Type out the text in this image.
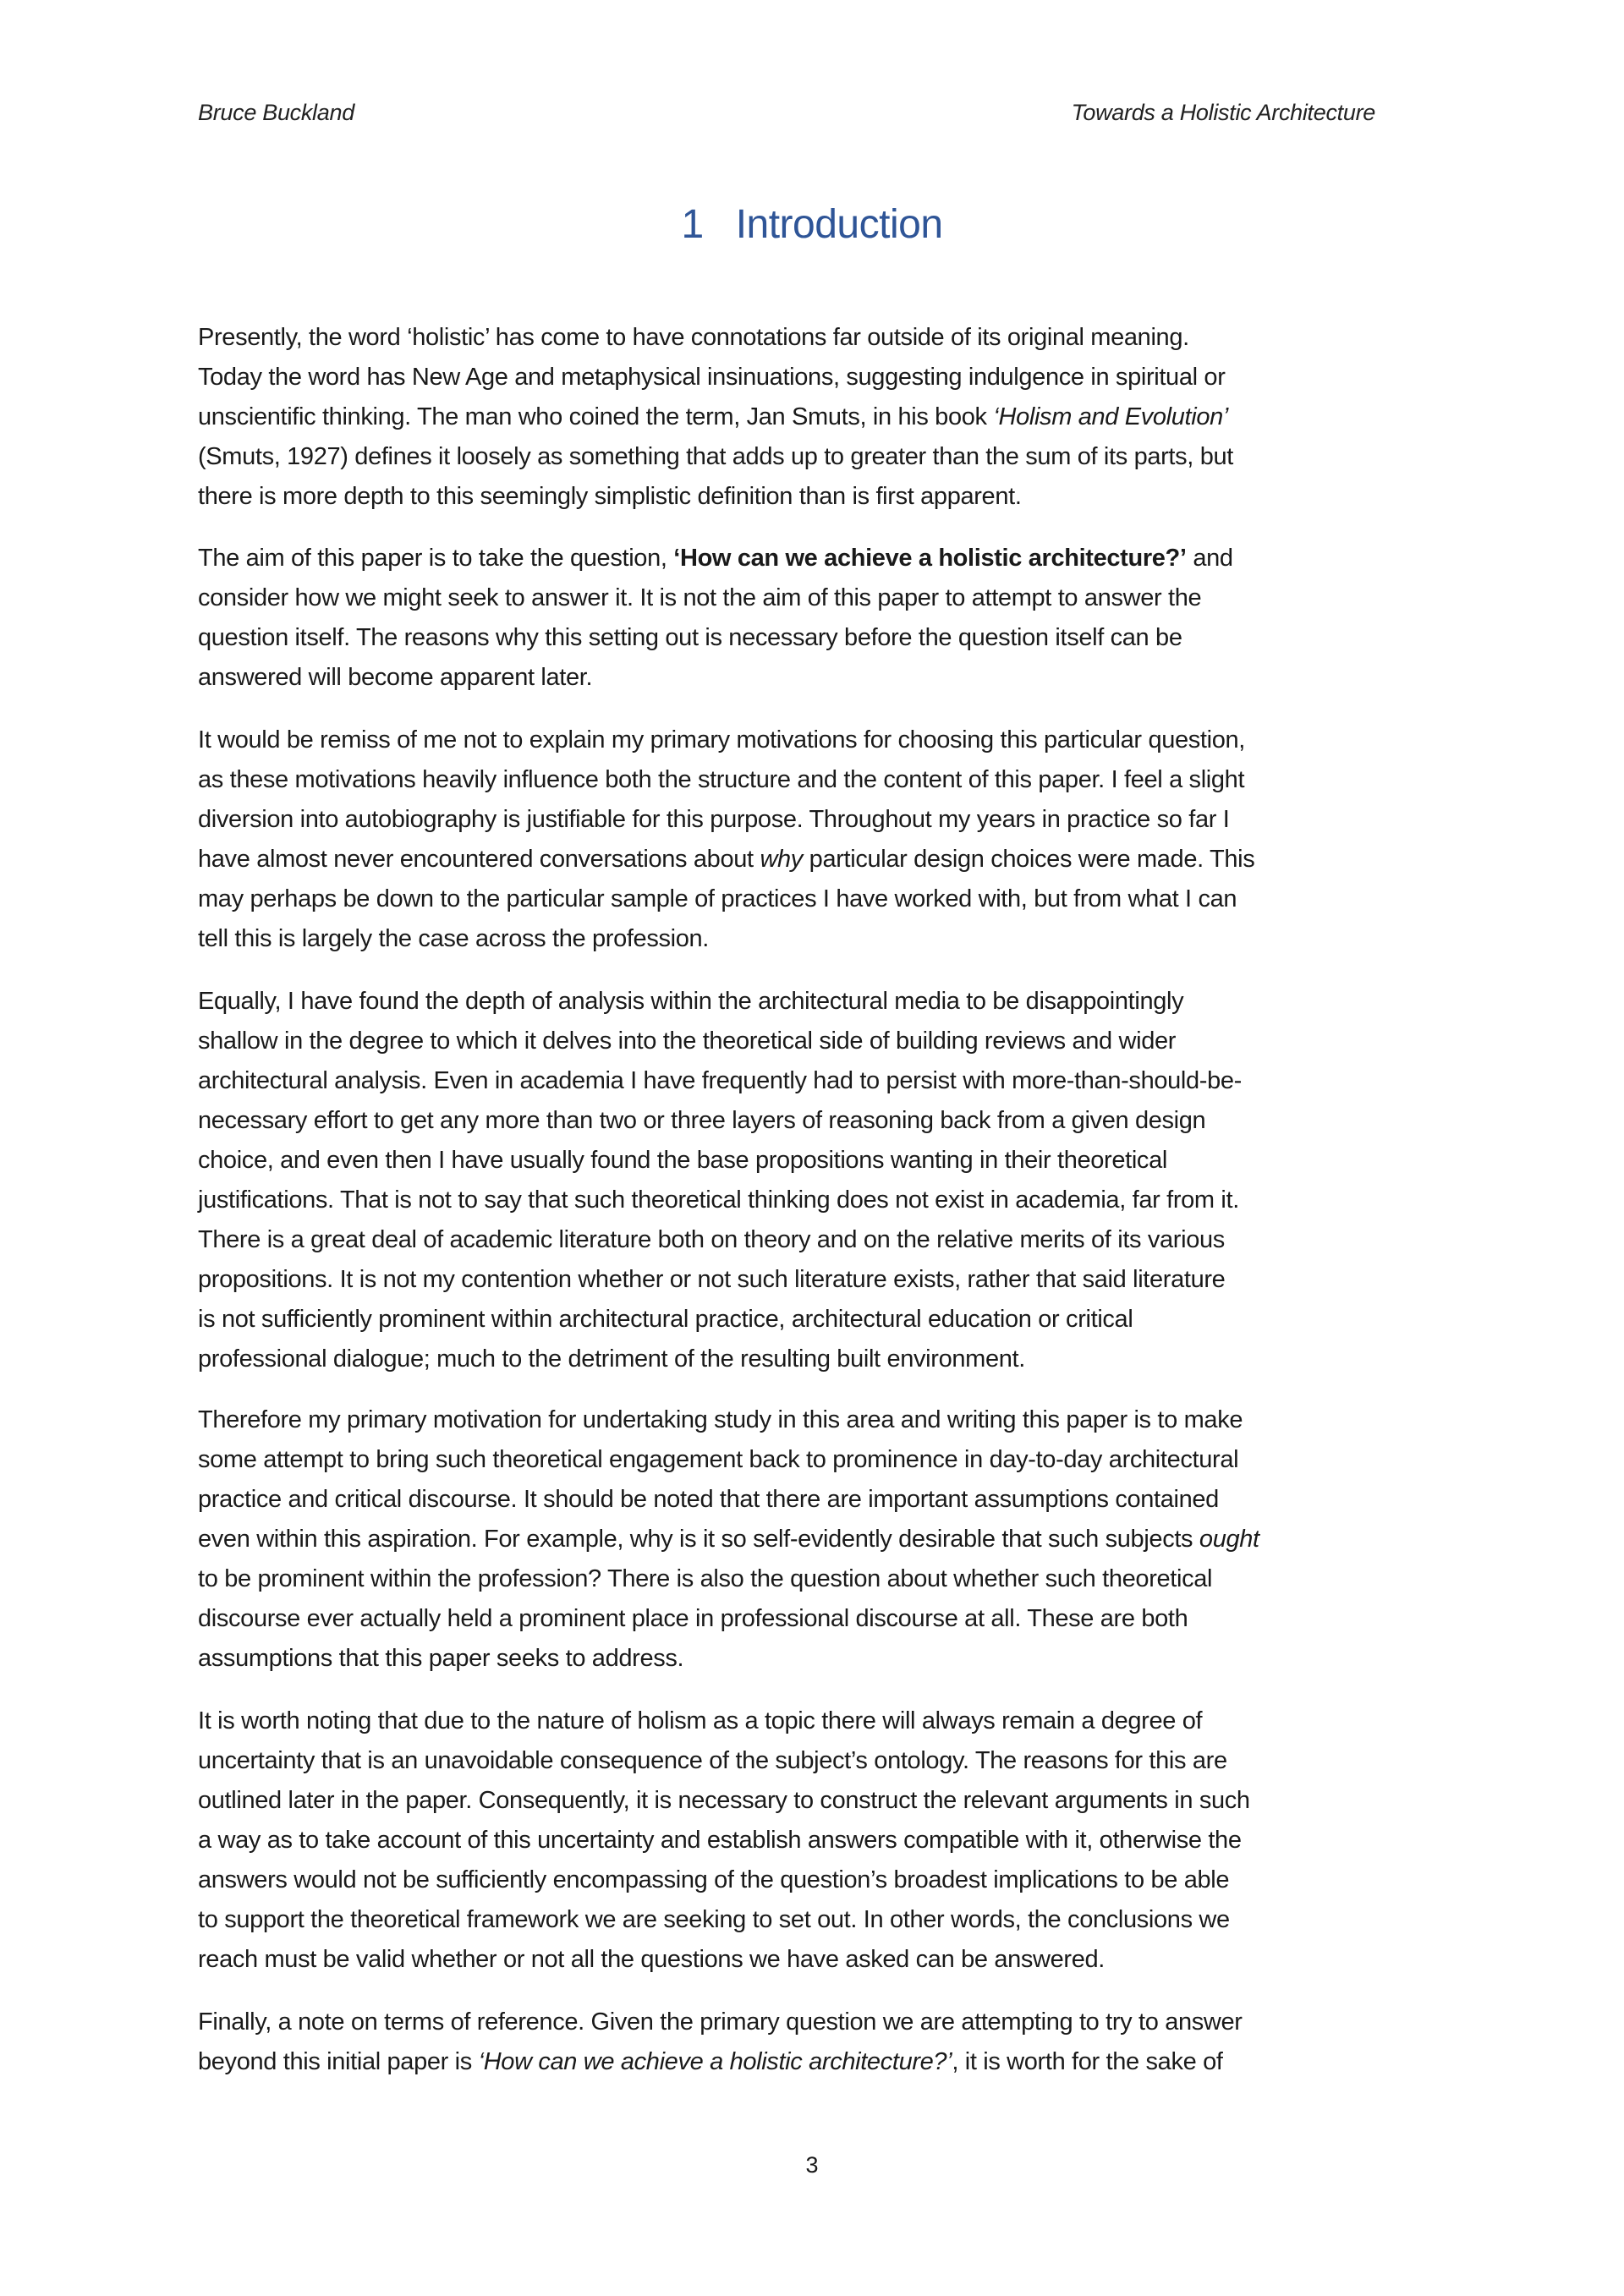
Bruce Buckland	Towards a Holistic Architecture
1 Introduction
Presently, the word ‘holistic’ has come to have connotations far outside of its original meaning.
Today the word has New Age and metaphysical insinuations, suggesting indulgence in spiritual or
unscientific thinking. The man who coined the term, Jan Smuts, in his book ‘Holism and Evolution’
(Smuts, 1927) defines it loosely as something that adds up to greater than the sum of its parts, but
there is more depth to this seemingly simplistic definition than is first apparent.
The aim of this paper is to take the question, ‘How can we achieve a holistic architecture?’ and
consider how we might seek to answer it. It is not the aim of this paper to attempt to answer the
question itself. The reasons why this setting out is necessary before the question itself can be
answered will become apparent later.
It would be remiss of me not to explain my primary motivations for choosing this particular question,
as these motivations heavily influence both the structure and the content of this paper. I feel a slight
diversion into autobiography is justifiable for this purpose. Throughout my years in practice so far I
have almost never encountered conversations about why particular design choices were made. This
may perhaps be down to the particular sample of practices I have worked with, but from what I can
tell this is largely the case across the profession.
Equally, I have found the depth of analysis within the architectural media to be disappointingly
shallow in the degree to which it delves into the theoretical side of building reviews and wider
architectural analysis. Even in academia I have frequently had to persist with more-than-should-be-
necessary effort to get any more than two or three layers of reasoning back from a given design
choice, and even then I have usually found the base propositions wanting in their theoretical
justifications. That is not to say that such theoretical thinking does not exist in academia, far from it.
There is a great deal of academic literature both on theory and on the relative merits of its various
propositions. It is not my contention whether or not such literature exists, rather that said literature
is not sufficiently prominent within architectural practice, architectural education or critical
professional dialogue; much to the detriment of the resulting built environment.
Therefore my primary motivation for undertaking study in this area and writing this paper is to make
some attempt to bring such theoretical engagement back to prominence in day-to-day architectural
practice and critical discourse. It should be noted that there are important assumptions contained
even within this aspiration. For example, why is it so self-evidently desirable that such subjects ought
to be prominent within the profession? There is also the question about whether such theoretical
discourse ever actually held a prominent place in professional discourse at all. These are both
assumptions that this paper seeks to address.
It is worth noting that due to the nature of holism as a topic there will always remain a degree of
uncertainty that is an unavoidable consequence of the subject’s ontology. The reasons for this are
outlined later in the paper. Consequently, it is necessary to construct the relevant arguments in such
a way as to take account of this uncertainty and establish answers compatible with it, otherwise the
answers would not be sufficiently encompassing of the question’s broadest implications to be able
to support the theoretical framework we are seeking to set out. In other words, the conclusions we
reach must be valid whether or not all the questions we have asked can be answered.
Finally, a note on terms of reference. Given the primary question we are attempting to try to answer
beyond this initial paper is ‘How can we achieve a holistic architecture?’, it is worth for the sake of
3
